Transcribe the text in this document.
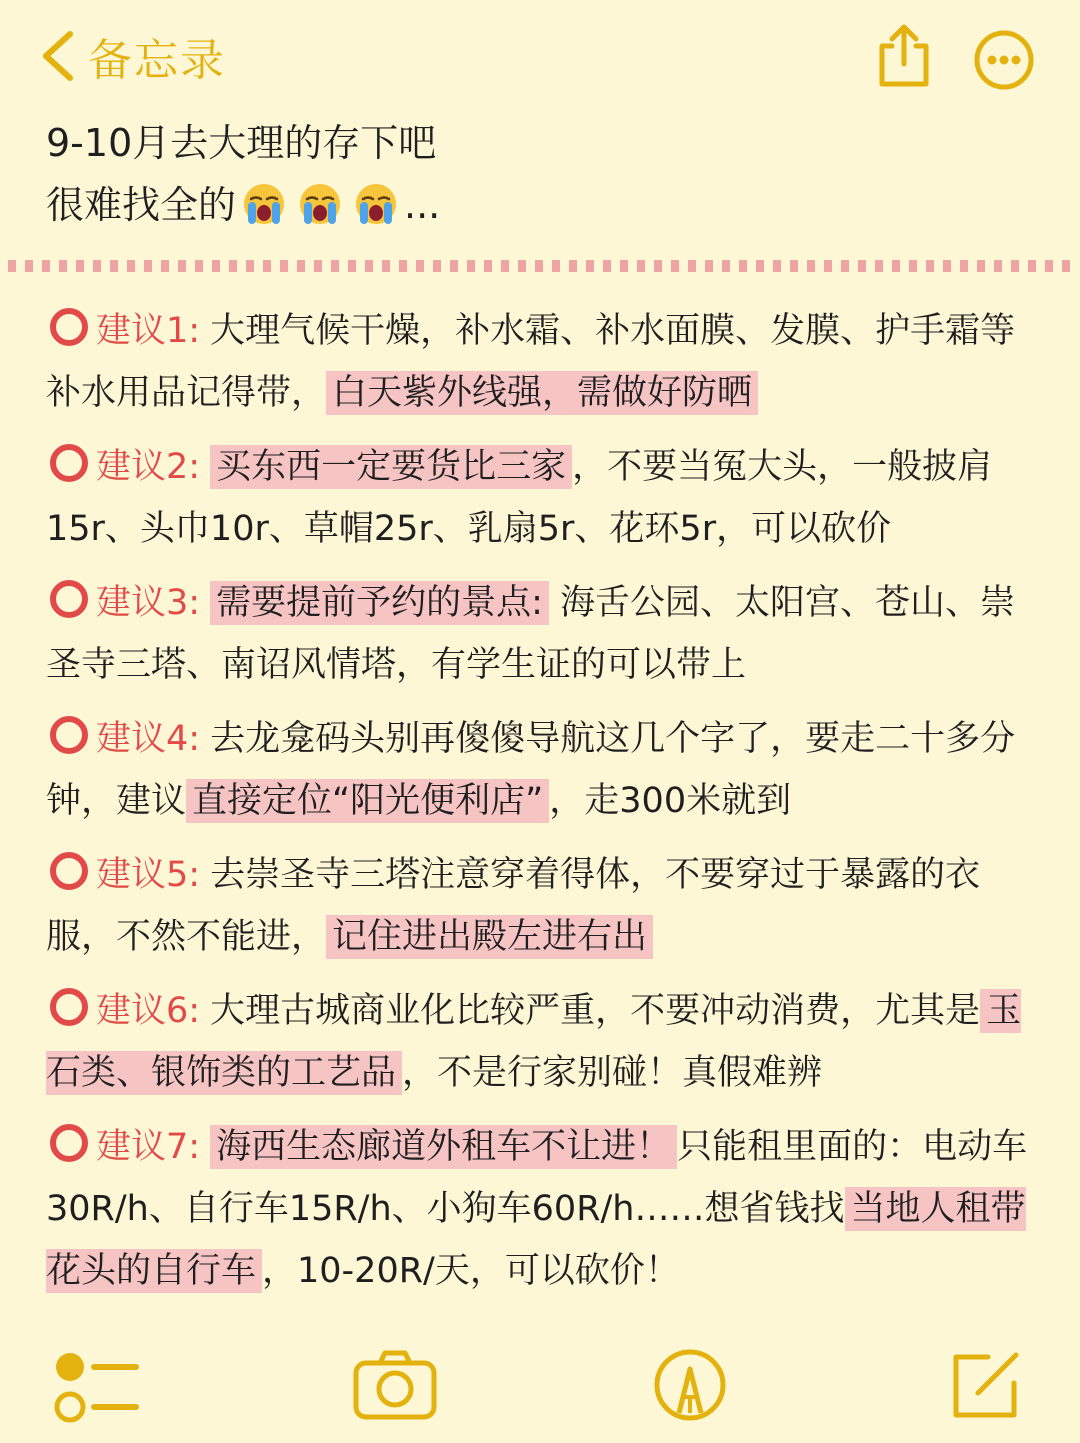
备忘录
9-10月去大理的存下吧
很难找全的	...
建议1: 大理气候干燥，补水霜、补水面膜、发膜、护手霜等补水用品记得带， 白天紫外线强，需做好防晒
建议2: 买东西一定要货比三家 ，不要当冤大头，一般披肩15r、头巾10r、草帽25r、乳扇5r、花环5r，可以砍价
建议3: 需要提前予约的景点: 海舌公园、太阳宫、苍山、崇圣寺三塔、南诏风情塔，有学生证的可以带上
建议4: 去龙龛码头别再傻傻导航这几个字了，要走二十多分钟，建议 直接定位“阳光便利店” ，走300米就到
建议5: 去崇圣寺三塔注意穿着得体，不要穿过于暴露的衣服，不然不能进， 记住进出殿左进右出
建议6: 大理古城商业化比较严重，不要冲动消费，尤其是 玉石类、银饰类的工艺品 ，不是行家别碰！真假难辨
建议7: 海西生态廊道外租车不让进！ 只能租里面的：电动车30R/h、自行车15R/h、小狗车60R/h……想省钱找 当地人租带花头的自行车 ，10-20R/天，可以砍价！
